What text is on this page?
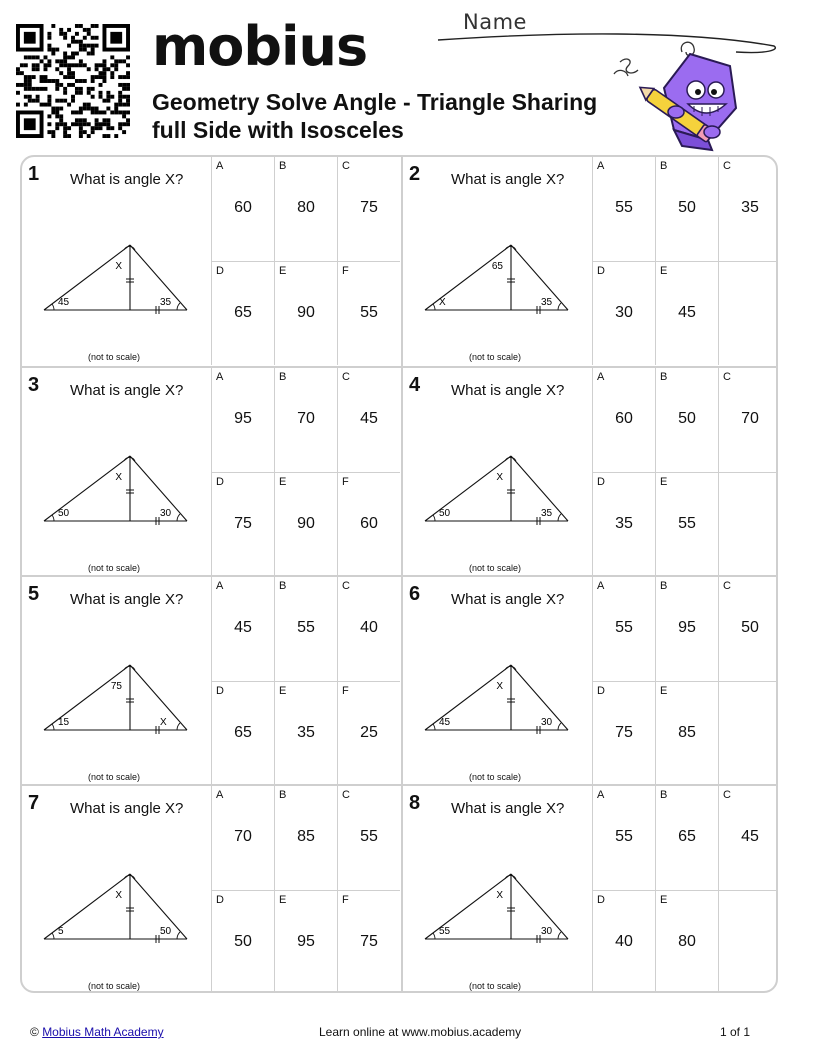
mobius
Geometry Solve Angle - Triangle Sharing
full Side with Isosceles
Name
1 What is angle X?
45	35
X
(not to scale)
A
60
B
80
C
75
D
65
E
90
F
55
2 What is angle X?
X	35
65
(not to scale)
A
55
B
50
C
35
D
30
E
45
3 What is angle X?
50	30
X
(not to scale)
A
95
B
70
C
45
D
75
E
90
F
60
4 What is angle X?
50	35
X
(not to scale)
A
60
B
50
C
70
D
35
E
55
5 What is angle X?
15	X
75
(not to scale)
A
45
B
55
C
40
D
65
E
35
F
25
6 What is angle X?
45	30
X
(not to scale)
A
55
B
95
C
50
D
75
E
85
7 What is angle X?
5	50
X
(not to scale)
A
70
B
85
C
55
D
50
E
95
F
75
8 What is angle X?
55	30
X
(not to scale)
A
55
B
65
C
45
D
40
E
80
© Mobius Math Academy	Learn online at www.mobius.academy	1 of 1
